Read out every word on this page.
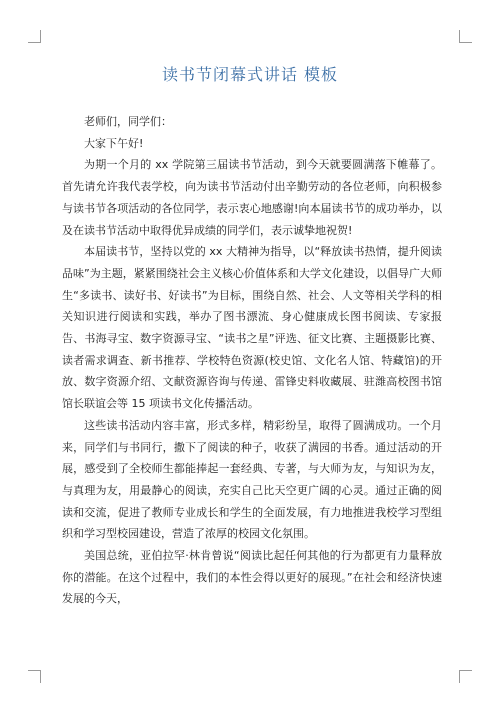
读书节闭幕式讲话 模板

老师们，同学们：

大家下午好!

为期一个月的 xx 学院第三届读书节活动，到今天就要圆满落下帷幕了。首先请允许我代表学校，向为读书节活动付出辛勤劳动的各位老师，向积极参与读书节各项活动的各位同学，表示衷心地感谢!向本届读书节的成功举办，以及在读书节活动中取得优异成绩的同学们，表示诚挚地祝贺!

本届读书节，坚持以党的 xx 大精神为指导，以“释放读书热情，提升阅读品味”为主题，紧紧围绕社会主义核心价值体系和大学文化建设，以倡导广大师生“多读书、读好书、好读书”为目标，围绕自然、社会、人文等相关学科的相关知识进行阅读和实践，举办了图书漂流、身心健康成长图书阅读、专家报告、书海寻宝、数字资源寻宝、“读书之星”评选、征文比赛、主题摄影比赛、读者需求调查、新书推荐、学校特色资源(校史馆、文化名人馆、特藏馆)的开放、数字资源介绍、文献资源咨询与传递、雷锋史料收藏展、驻潍高校图书馆馆长联谊会等 15 项读书文化传播活动。

这些读书活动内容丰富，形式多样，精彩纷呈，取得了圆满成功。一个月来，同学们与书同行，撒下了阅读的种子，收获了满园的书香。通过活动的开展，感受到了全校师生都能捧起一套经典、专著，与大师为友，与知识为友，与真理为友，用最静心的阅读，充实自己比天空更广阔的心灵。通过正确的阅读和交流，促进了教师专业成长和学生的全面发展，有力地推进我校学习型组织和学习型校园建设，营造了浓厚的校园文化氛围。

美国总统，亚伯拉罕·林肯曾说“阅读比起任何其他的行为都更有力量释放你的潜能。在这个过程中，我们的本性会得以更好的展现。”在社会和经济快速发展的今天，
